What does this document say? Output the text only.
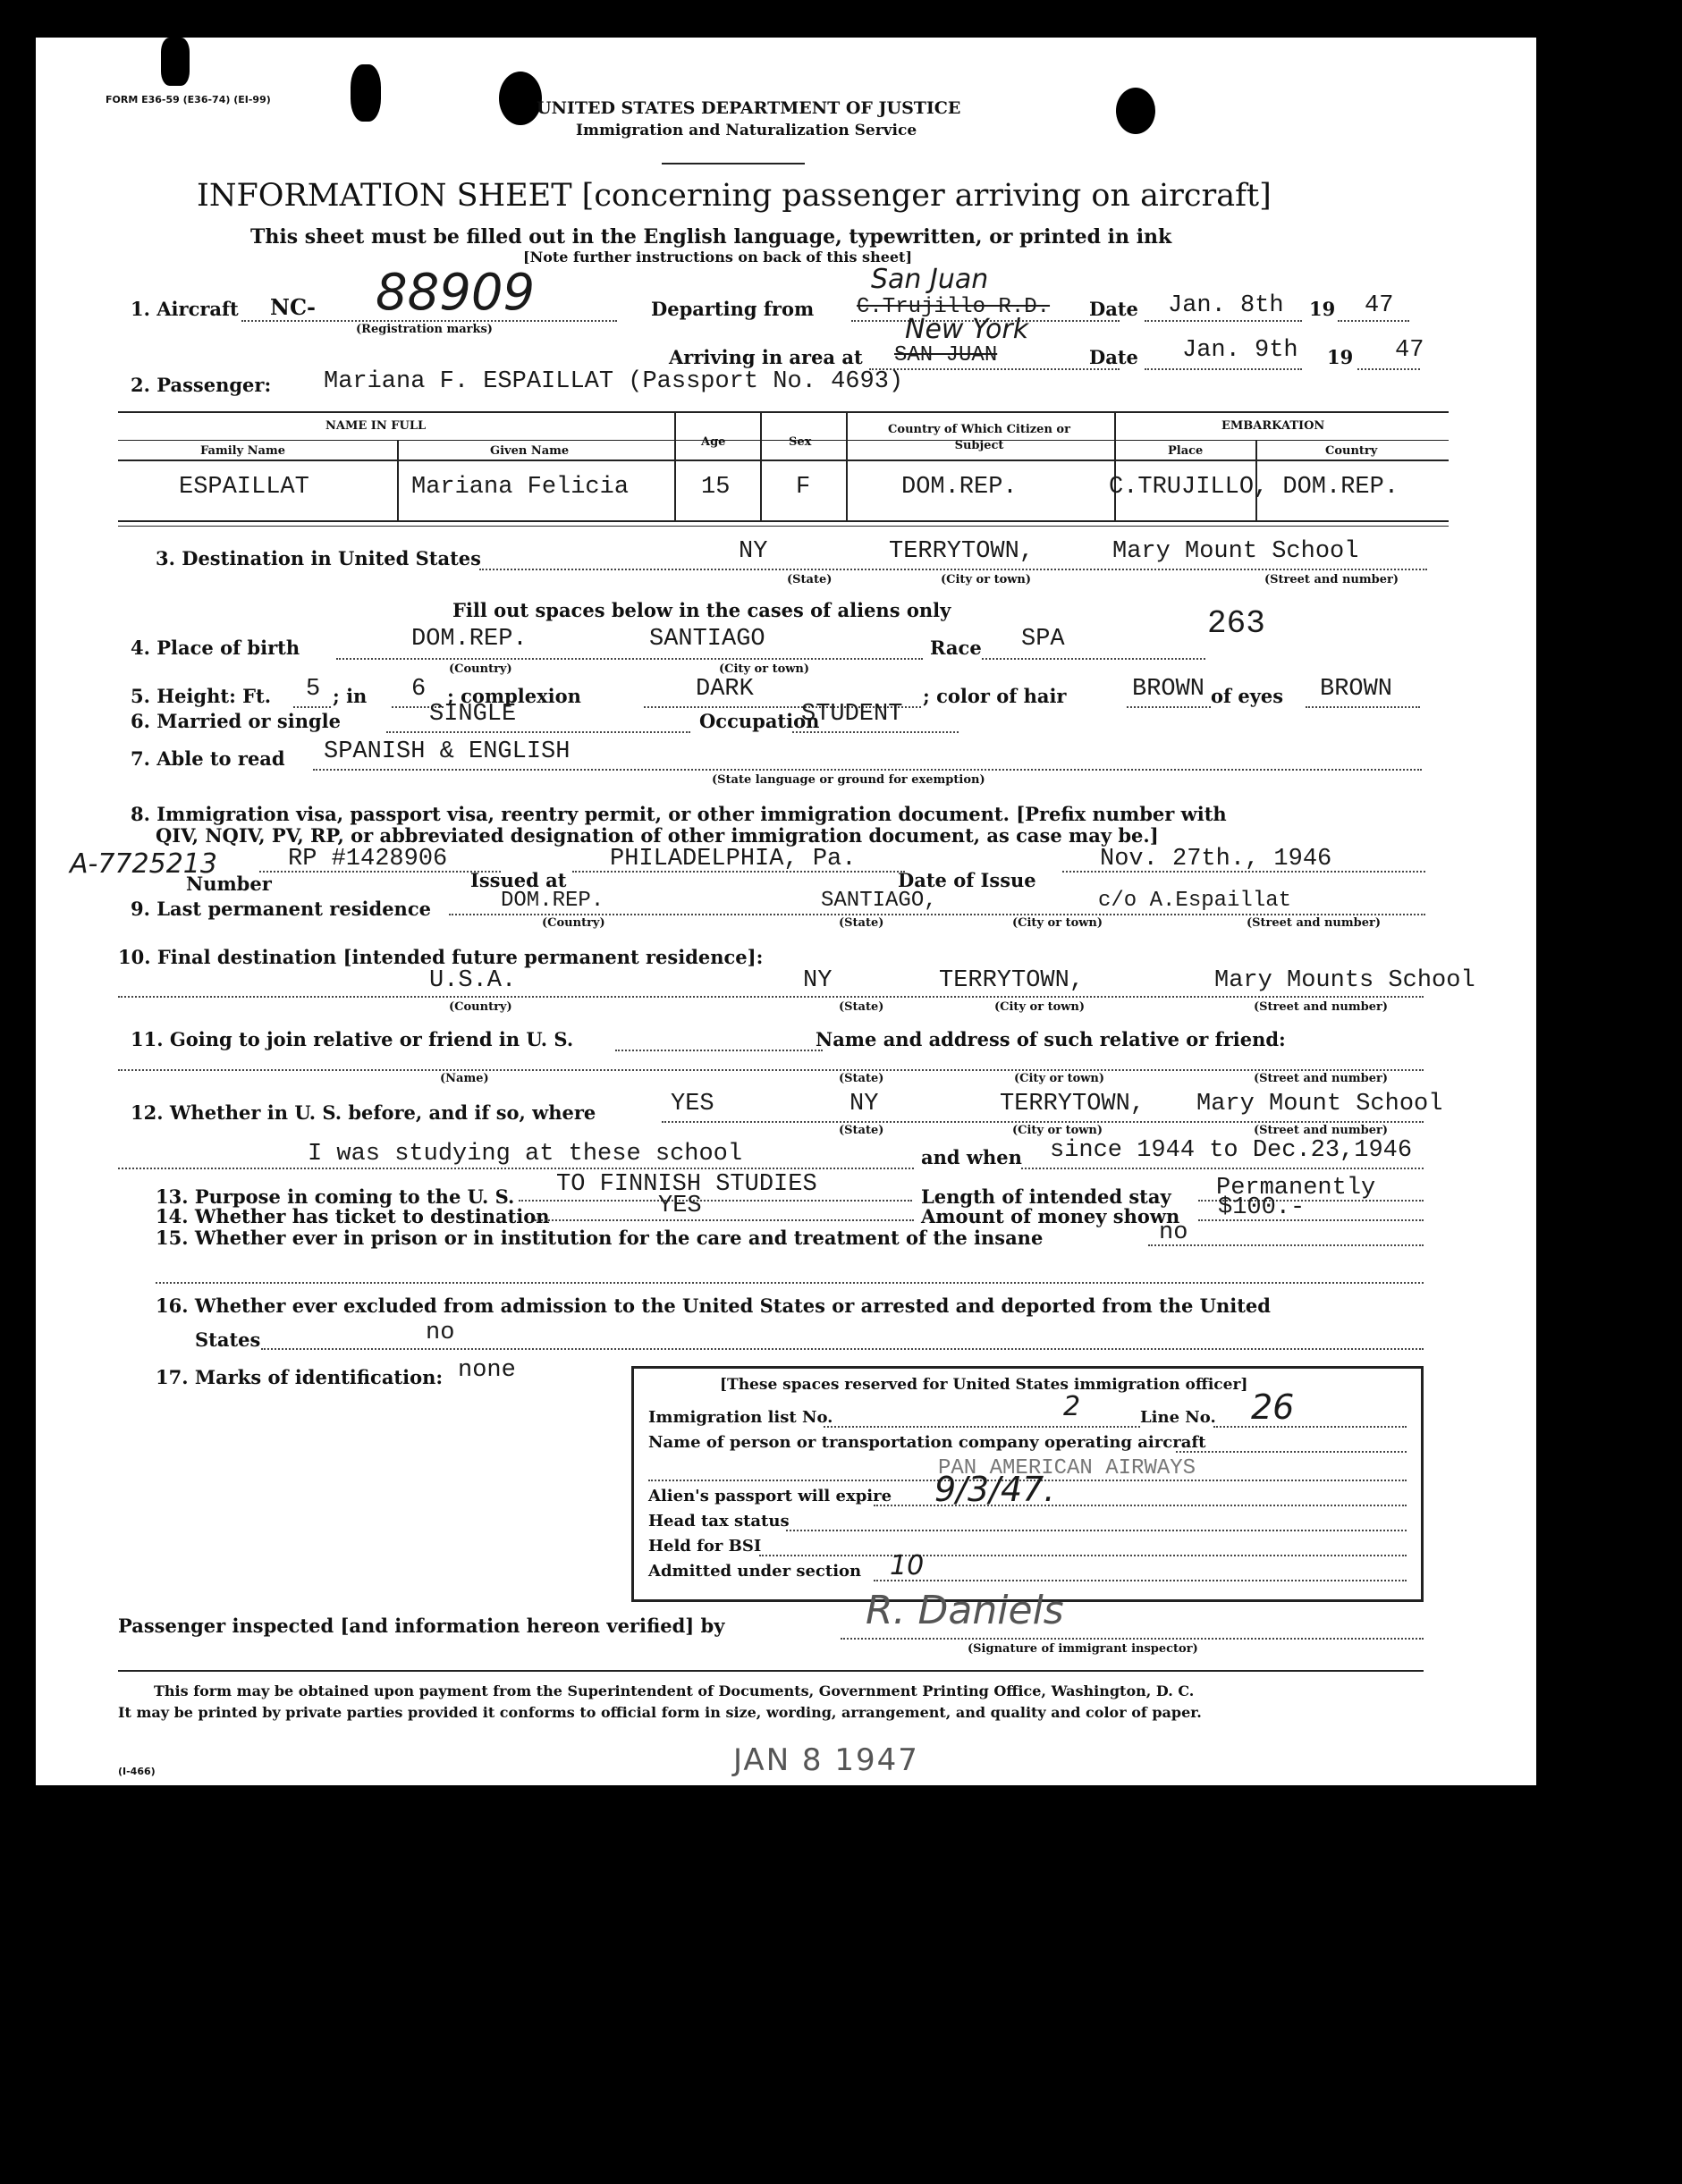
FORM E36-59 (E36-74) (EI-99)	UNITED STATES DEPARTMENT OF JUSTICE
Immigration and Naturalization Service
INFORMATION SHEET [concerning passenger arriving on aircraft]
This sheet must be filled out in the English language, typewritten, or printed in ink
[Note further instructions on back of this sheet]
1. Aircraft NC- 88909
(Registration marks)
Departing from C.Trujillo R.D.
San Juan
Date Jan. 8th 19 47
Arriving in area at SAN JUAN
New York
Date Jan. 9th 19 47
2. Passenger: Mariana F. ESPAILLAT (Passport No. 4693)
NAME IN FULL
Family Name	Given Name
Age	Sex
Country of Which Citizen or Subject
EMBARKATION
Place	Country
ESPAILLAT	Mariana Felicia	15	F	DOM.REP.	C.TRUJILLO , DOM.REP.
3. Destination in United States	NY	TERRYTOWN,	Mary Mount School
(State)	(City or town)	(Street and number)
Fill out spaces below in the cases of aliens only	263
4. Place of birth	DOM.REP.	SANTIAGO
(Country)	(City or town)
Race SPA
5. Height: Ft. 5 ; in 6 ; complexion	DARK	; color of hair	BROWN of eyes BROWN
6. Married or single	SINGLE	Occupation
STUDENT
7. Able to read SPANISH & ENGLISH
(State language or ground for exemption)
8. Immigration visa, passport visa, reentry permit, or other immigration document. [Prefix number with
QIV, NQIV, PV, RP, or abbreviated designation of other immigration document, as case may be.]
A-7725213
Number
RP #1428906
Issued at
PHILADELPHIA, Pa.
Date of Issue
Nov. 27th., 1946
9. Last permanent residence	DOM.REP.	SANTIAGO,	c/o A.Espaillat
(Country)	(State)	(City or town)	(Street and number)
10. Final destination [intended future permanent residence]:
U.S.A.	NY	TERRYTOWN,	Mary Mounts School
(Country)	(State)	(City or town)	(Street and number)
11. Going to join relative or friend in U. S.	Name and address of such relative or friend:
(Name)	(State)	(City or town)	(Street and number)
12. Whether in U. S. before, and if so, where	YES	NY	TERRYTOWN, Mary Mount School
(State)	(City or town)	(Street and number)
I was studying at these school	and when since 1944 to Dec.23,1946
13. Purpose in coming to the U. S. TO FINNISH STUDIES	Length of intended stay Permanently
14. Whether has ticket to destination	YES	Amount of money shown $100.-
15. Whether ever in prison or in institution for the care and treatment of the insane	no
16. Whether ever excluded from admission to the United States or arrested and deported from the United
States	no
17. Marks of identification: none
[These spaces reserved for United States immigration officer]
Immigration list No.	2	Line No. 26
Name of person or transportation company operating aircraft
PAN AMERICAN AIRWAYS
Alien's passport will expire 9/3/47.
Head tax status
Held for BSI
Admitted under section 10
Passenger inspected [and information hereon verified] by	R. Daniels
(Signature of immigrant inspector)
This form may be obtained upon payment from the Superintendent of Documents, Government Printing Office, Washington, D. C.
It may be printed by private parties provided it conforms to official form in size, wording, arrangement, and quality and color of paper.
(I-466)	JAN 8 1947
